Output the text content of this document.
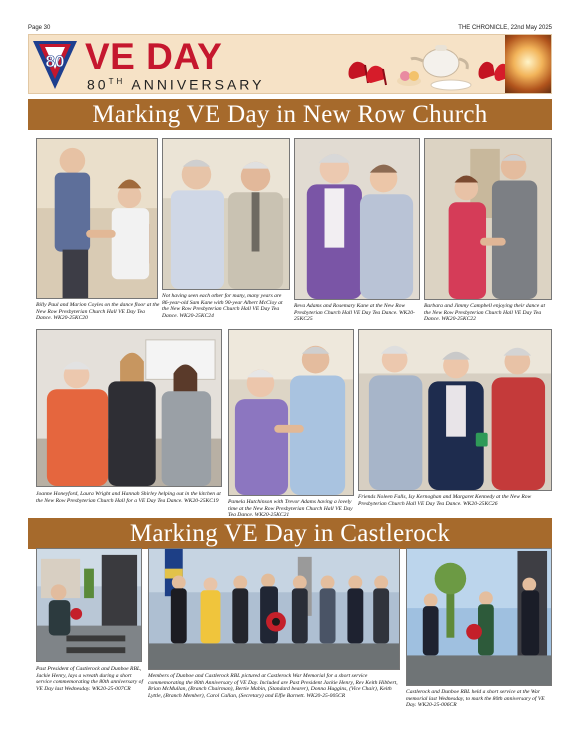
Page 30	THE CHRONICLE, 22nd May 2025
80 VE DAY
80TH ANNIVERSARY
Marking VE Day in New Row Church
Billy Paul and Marion Coyles on the dance floor at the New Row Presbyterian Church Hall VE Day Tea Dance. WK20-25KC20
Not having seen each other for many, many years are 86-year-old Sam Kane with 90-year Albert McCloy at the New Row Presbyterian Church Hall VE Day Tea Dance. WK20-25KC24
Reva Adams and Rosemary Kane at the New Row Presbyterian Church Hall VE Day Tea Dance. WK20-25KC25
Barbara and Jimmy Campbell enjoying their dance at the New Row Presbyterian Church Hall VE Day Tea Dance. WK20-25KC22
Joanne Honeyford, Laura Wright and Hannah Shirley helping out in the kitchen at the New Row Presbyterian Church Hall for a VE Day Tea Dance. WK20-25KC19	Pamela Hutchinson with Trevor Adams having a lovely time at the New Row Presbyterian Church Hall VE Day Tea Dance. WK20-25KC21
Friends Noleen Falls, Isy Kernoghan and Margaret Kennedy at the New Row Presbyterian Church Hall VE Day Tea Dance. WK20-25KC26
Marking VE Day in Castlerock
Past President of Castlerock and Dunboe RBL, Jackie Henry, lays a wreath during a short service commemorating the 80th anniversary of VE Day last Wednesday. WK20-25-007CR
Members of Dunboe and Castlerock RBL pictured at Castlerock War Memorial for a short service commemorating the 80th Anniversary of VE Day. Included are Past President Jackie Henry, Rev Keith Hibbert, Brian McMullan, (Branch Chairman), Bertie Mabin, (Standard bearer), Donna Huggins, (Vice Chair), Keith Lyttle, (Branch Member), Carol Callan, (Secretary) and Elfie Barnett. WK20-25-005CR
Castlerock and Dunboe RBL held a short service at the War memorial last Wednesday, to mark the 80th anniversary of VE Day. WK20-25-006CR
